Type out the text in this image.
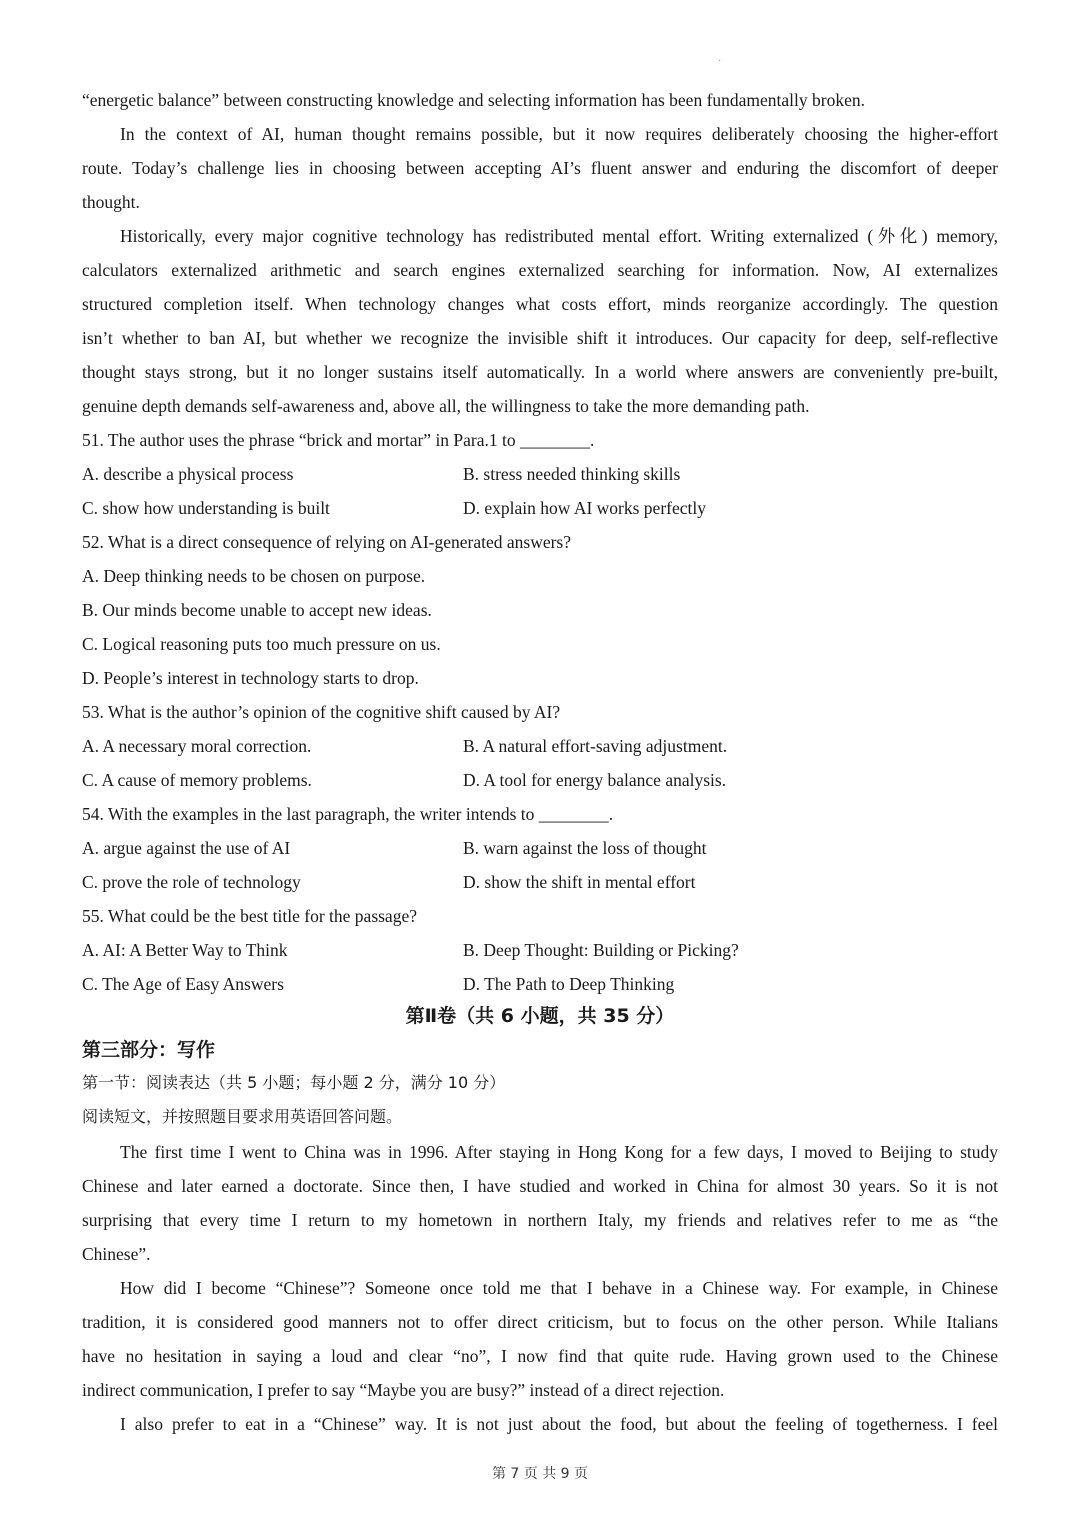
·
“energetic balance” between constructing knowledge and selecting information has been fundamentally broken.
In the context of AI, human thought remains possible, but it now requires deliberately choosing the higher-effort
route. Today’s challenge lies in choosing between accepting AI’s fluent answer and enduring the discomfort of deeper
thought.
Historically, every major cognitive technology has redistributed mental effort. Writing externalized (外化) memory,
calculators externalized arithmetic and search engines externalized searching for information. Now, AI externalizes
structured completion itself. When technology changes what costs effort, minds reorganize accordingly. The question
isn’t whether to ban AI, but whether we recognize the invisible shift it introduces. Our capacity for deep, self-reflective
thought stays strong, but it no longer sustains itself automatically. In a world where answers are conveniently pre-built,
genuine depth demands self-awareness and, above all, the willingness to take the more demanding path.
51. The author uses the phrase “brick and mortar” in Para.1 to ________.
A. describe a physical process	B. stress needed thinking skills
C. show how understanding is built	D. explain how AI works perfectly
52. What is a direct consequence of relying on AI-generated answers?
A. Deep thinking needs to be chosen on purpose.
B. Our minds become unable to accept new ideas.
C. Logical reasoning puts too much pressure on us.
D. People’s interest in technology starts to drop.
53. What is the author’s opinion of the cognitive shift caused by AI?
A. A necessary moral correction.	B. A natural effort-saving adjustment.
C. A cause of memory problems.	D. A tool for energy balance analysis.
54. With the examples in the last paragraph, the writer intends to ________.
A. argue against the use of AI	B. warn against the loss of thought
C. prove the role of technology	D. show the shift in mental effort
55. What could be the best title for the passage?
A. AI: A Better Way to Think	B. Deep Thought: Building or Picking?
C. The Age of Easy Answers	D. The Path to Deep Thinking
第Ⅱ卷（共 6 小题，共 35 分）
第三部分：写作
第一节：阅读表达（共 5 小题；每小题 2 分，满分 10 分）
阅读短文，并按照题目要求用英语回答问题。
The first time I went to China was in 1996. After staying in Hong Kong for a few days, I moved to Beijing to study
Chinese and later earned a doctorate. Since then, I have studied and worked in China for almost 30 years. So it is not
surprising that every time I return to my hometown in northern Italy, my friends and relatives refer to me as “the
Chinese”.
How did I become “Chinese”? Someone once told me that I behave in a Chinese way. For example, in Chinese
tradition, it is considered good manners not to offer direct criticism, but to focus on the other person. While Italians
have no hesitation in saying a loud and clear “no”, I now find that quite rude. Having grown used to the Chinese
indirect communication, I prefer to say “Maybe you are busy?” instead of a direct rejection.
I also prefer to eat in a “Chinese” way. It is not just about the food, but about the feeling of togetherness. I feel
第 7 页 共 9 页
